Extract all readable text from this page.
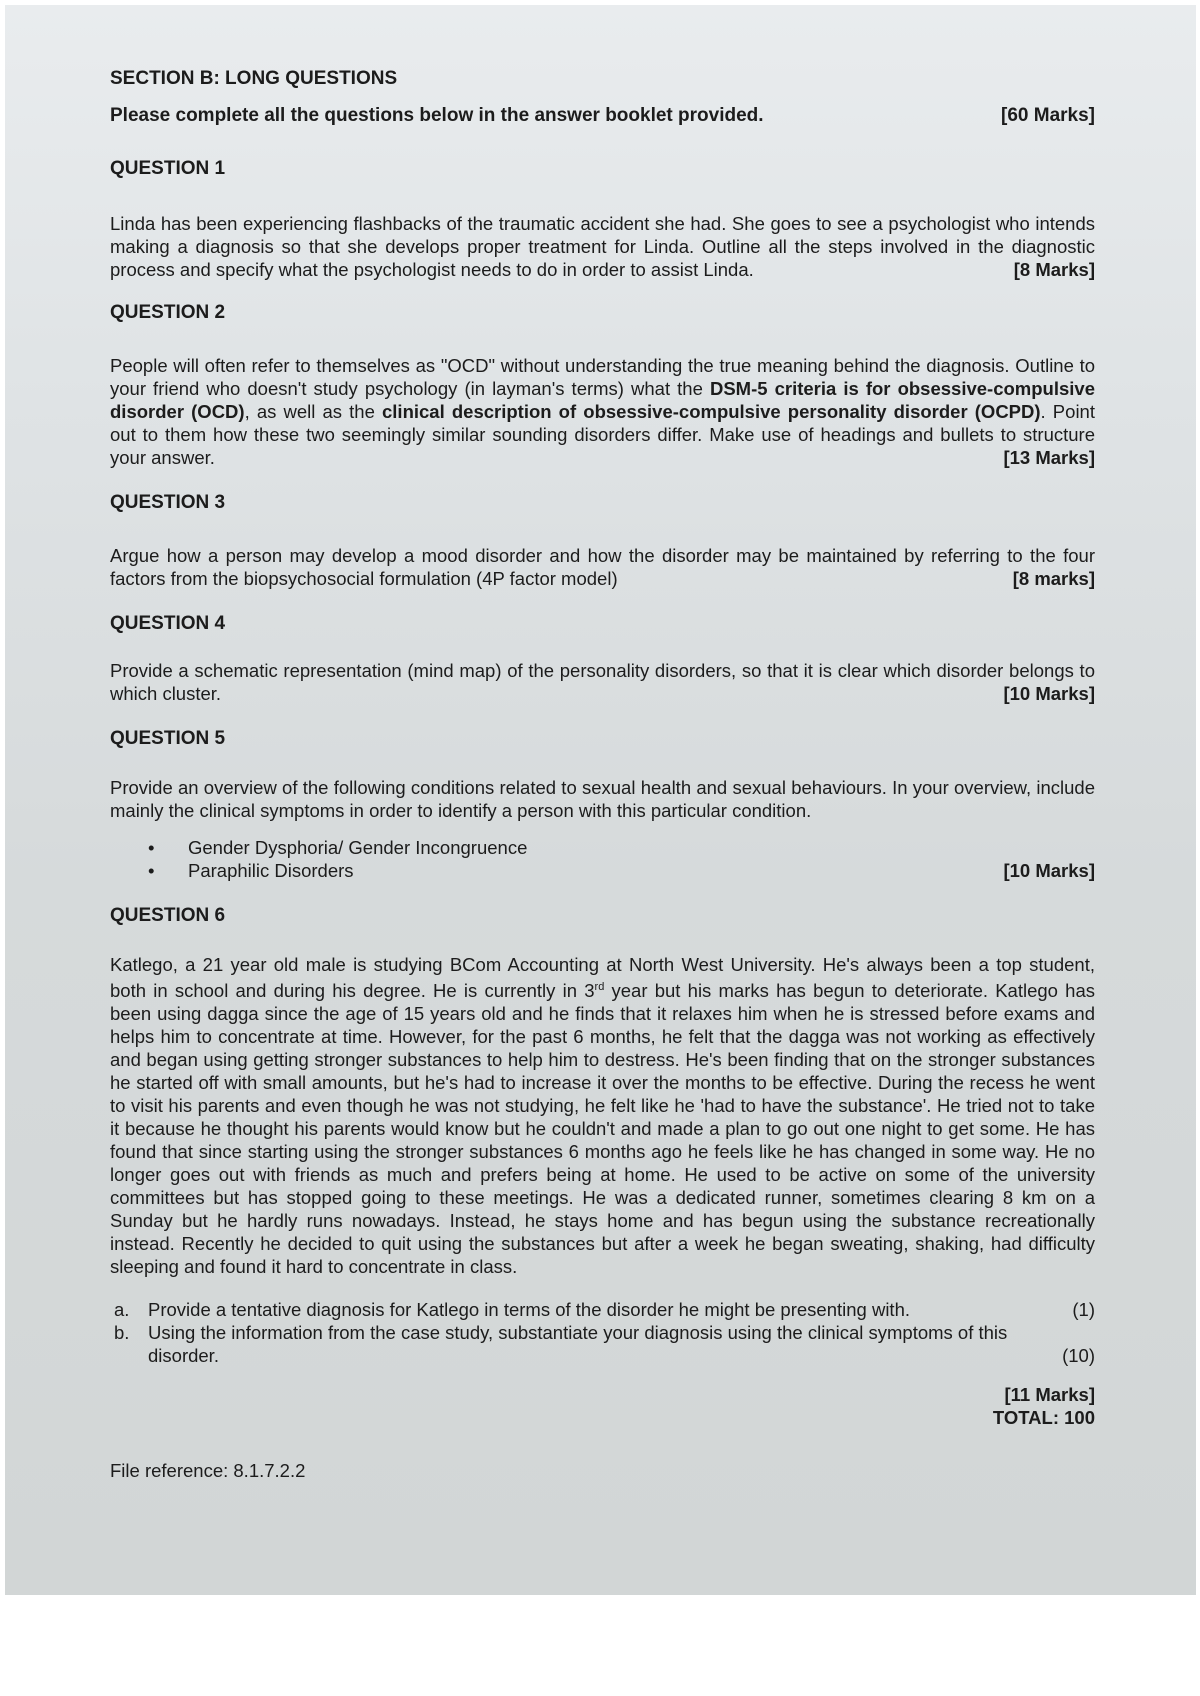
SECTION B: LONG QUESTIONS
Please complete all the questions below in the answer booklet provided.	[60 Marks]
QUESTION 1
Linda has been experiencing flashbacks of the traumatic accident she had. She goes to see a psychologist who intends making a diagnosis so that she develops proper treatment for Linda. Outline all the steps involved in the diagnostic process and specify what the psychologist needs to do in order to assist Linda.	[8 Marks]
QUESTION 2
People will often refer to themselves as "OCD" without understanding the true meaning behind the diagnosis. Outline to your friend who doesn't study psychology (in layman's terms) what the DSM-5 criteria is for obsessive-compulsive disorder (OCD), as well as the clinical description of obsessive-compulsive personality disorder (OCPD). Point out to them how these two seemingly similar sounding disorders differ. Make use of headings and bullets to structure your answer.	[13 Marks]
QUESTION 3
Argue how a person may develop a mood disorder and how the disorder may be maintained by referring to the four factors from the biopsychosocial formulation (4P factor model)	[8 marks]
QUESTION 4
Provide a schematic representation (mind map) of the personality disorders, so that it is clear which disorder belongs to which cluster.	[10 Marks]
QUESTION 5
Provide an overview of the following conditions related to sexual health and sexual behaviours. In your overview, include mainly the clinical symptoms in order to identify a person with this particular condition.
• Gender Dysphoria/ Gender Incongruence
• Paraphilic Disorders	[10 Marks]
QUESTION 6
Katlego, a 21 year old male is studying BCom Accounting at North West University. He's always been a top student, both in school and during his degree. He is currently in 3rd year but his marks has begun to deteriorate. Katlego has been using dagga since the age of 15 years old and he finds that it relaxes him when he is stressed before exams and helps him to concentrate at time. However, for the past 6 months, he felt that the dagga was not working as effectively and began using getting stronger substances to help him to destress. He's been finding that on the stronger substances he started off with small amounts, but he's had to increase it over the months to be effective. During the recess he went to visit his parents and even though he was not studying, he felt like he 'had to have the substance'. He tried not to take it because he thought his parents would know but he couldn't and made a plan to go out one night to get some. He has found that since starting using the stronger substances 6 months ago he feels like he has changed in some way. He no longer goes out with friends as much and prefers being at home. He used to be active on some of the university committees but has stopped going to these meetings. He was a dedicated runner, sometimes clearing 8 km on a Sunday but he hardly runs nowadays. Instead, he stays home and has begun using the substance recreationally instead. Recently he decided to quit using the substances but after a week he began sweating, shaking, had difficulty sleeping and found it hard to concentrate in class.
a.	Provide a tentative diagnosis for Katlego in terms of the disorder he might be presenting with.	(1)
b.	Using the information from the case study, substantiate your diagnosis using the clinical symptoms of this disorder.	(10)
[11 Marks]
TOTAL: 100
File reference: 8.1.7.2.2
